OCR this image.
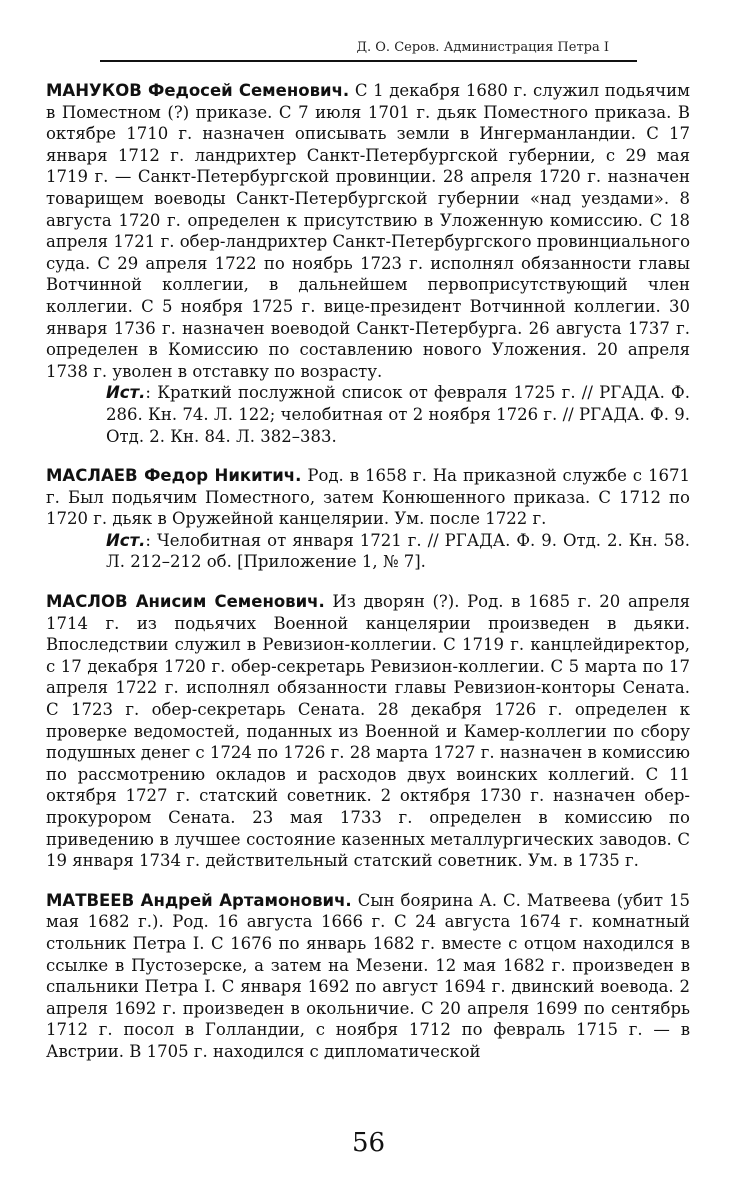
Д. О. Серов. Администрация Петра I

МАНУКОВ Федосей Семенович. С 1 декабря 1680 г. служил подьячим в Поместном (?) приказе. С 7 июля 1701 г. дьяк Поместного приказа. В октябре 1710 г. назначен описывать земли в Ингерманландии. С 17 января 1712 г. ландрихтер Санкт-Петербургской губернии, с 29 мая 1719 г. — Санкт-Петербургской провинции. 28 апреля 1720 г. назначен товарищем воеводы Санкт-Петербургской губернии «над уездами». 8 августа 1720 г. определен к присутствию в Уложенную комиссию. С 18 апреля 1721 г. обер-ландрихтер Санкт-Петербургского провинциального суда. С 29 апреля 1722 по ноябрь 1723 г. исполнял обязанности главы Вотчинной коллегии, в дальнейшем первоприсутствующий член коллегии. С 5 ноября 1725 г. вице-президент Вотчинной коллегии. 30 января 1736 г. назначен воеводой Санкт-Петербурга. 26 августа 1737 г. определен в Комиссию по составлению нового Уложения. 20 апреля 1738 г. уволен в отставку по возрасту.

Ист.: Краткий послужной список от февраля 1725 г. // РГАДА. Ф. 286. Кн. 74. Л. 122; челобитная от 2 ноября 1726 г. // РГАДА. Ф. 9. Отд. 2. Кн. 84. Л. 382–383.

МАСЛАЕВ Федор Никитич. Род. в 1658 г. На приказной службе с 1671 г. Был подьячим Поместного, затем Конюшенного приказа. С 1712 по 1720 г. дьяк в Оружейной канцелярии. Ум. после 1722 г.

Ист.: Челобитная от января 1721 г. // РГАДА. Ф. 9. Отд. 2. Кн. 58. Л. 212–212 об. [Приложение 1, № 7].

МАСЛОВ Анисим Семенович. Из дворян (?). Род. в 1685 г. 20 апреля 1714 г. из подьячих Военной канцелярии произведен в дьяки. Впоследствии служил в Ревизион-коллегии. С 1719 г. канцлейдиректор, с 17 декабря 1720 г. обер-секретарь Ревизион-коллегии. С 5 марта по 17 апреля 1722 г. исполнял обязанности главы Ревизион-конторы Сената. С 1723 г. обер-секретарь Сената. 28 декабря 1726 г. определен к проверке ведомостей, поданных из Военной и Камер-коллегии по сбору подушных денег с 1724 по 1726 г. 28 марта 1727 г. назначен в комиссию по рассмотрению окладов и расходов двух воинских коллегий. С 11 октября 1727 г. статский советник. 2 октября 1730 г. назначен обер-прокурором Сената. 23 мая 1733 г. определен в комиссию по приведению в лучшее состояние казенных металлургических заводов. С 19 января 1734 г. действительный статский советник. Ум. в 1735 г.

МАТВЕЕВ Андрей Артамонович. Сын боярина А. С. Матвеева (убит 15 мая 1682 г.). Род. 16 августа 1666 г. С 24 августа 1674 г. комнатный стольник Петра I. С 1676 по январь 1682 г. вместе с отцом находился в ссылке в Пустозерске, а затем на Мезени. 12 мая 1682 г. произведен в спальники Петра I. С января 1692 по август 1694 г. двинский воевода. 2 апреля 1692 г. произведен в окольничие. С 20 апреля 1699 по сентябрь 1712 г. посол в Голландии, с ноября 1712 по февраль 1715 г. — в Австрии. В 1705 г. находился с дипломатической

56
